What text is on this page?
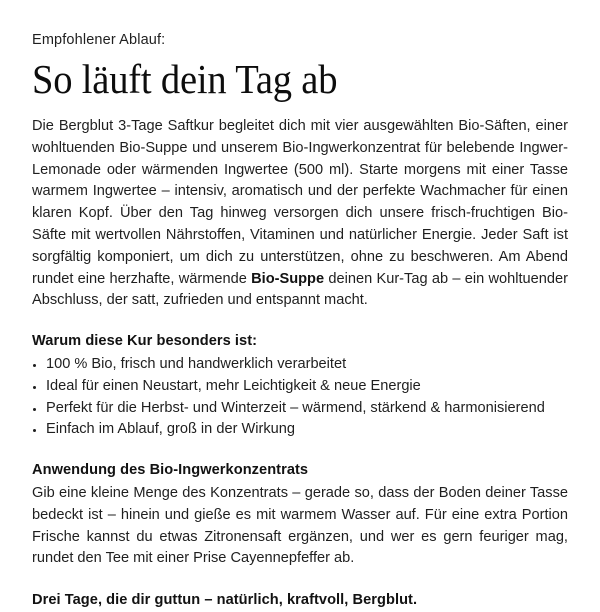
Empfohlener Ablauf:

So läuft dein Tag ab

Die Bergblut 3-Tage Saftkur begleitet dich mit vier ausgewählten Bio-Säften, einer wohltuenden Bio-Suppe und unserem Bio-Ingwerkonzentrat für belebende Ingwer-Lemonade oder wärmenden Ingwertee (500 ml). Starte morgens mit einer Tasse warmem Ingwertee – intensiv, aromatisch und der perfekte Wachmacher für einen klaren Kopf. Über den Tag hinweg versorgen dich unsere frisch-fruchtigen Bio-Säfte mit wertvollen Nährstoffen, Vitaminen und natürlicher Energie. Jeder Saft ist sorgfältig komponiert, um dich zu unterstützen, ohne zu beschweren. Am Abend rundet eine herzhafte, wärmende Bio-Suppe deinen Kur-Tag ab – ein wohltuender Abschluss, der satt, zufrieden und entspannt macht.

Warum diese Kur besonders ist:
100 % Bio, frisch und handwerklich verarbeitet
Ideal für einen Neustart, mehr Leichtigkeit & neue Energie
Perfekt für die Herbst- und Winterzeit – wärmend, stärkend & harmonisierend
Einfach im Ablauf, groß in der Wirkung
Anwendung des Bio-Ingwerkonzentrats

Gib eine kleine Menge des Konzentrats – gerade so, dass der Boden deiner Tasse bedeckt ist – hinein und gieße es mit warmem Wasser auf. Für eine extra Portion Frische kannst du etwas Zitronensaft ergänzen, und wer es gern feuriger mag, rundet den Tee mit einer Prise Cayennepfeffer ab.

Drei Tage, die dir guttun – natürlich, kraftvoll, Bergblut.
